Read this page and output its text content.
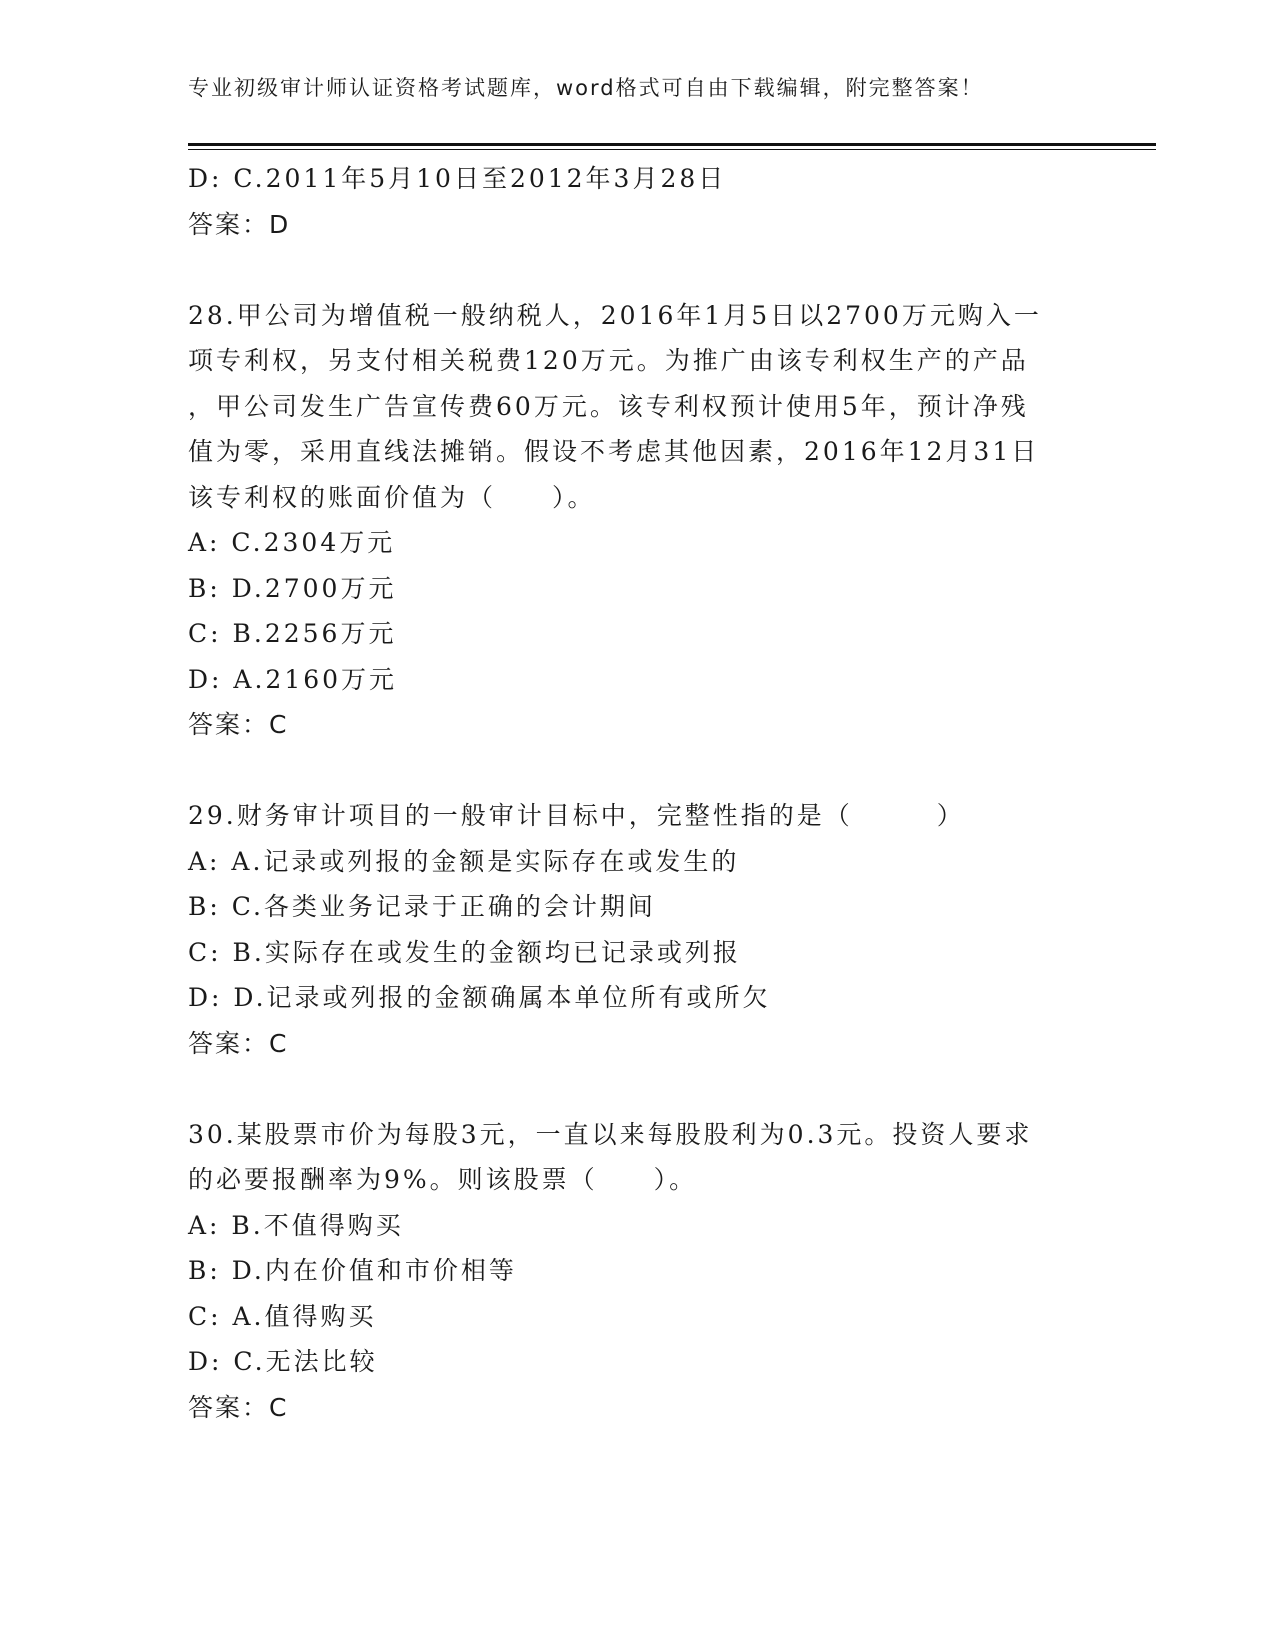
专业初级审计师认证资格考试题库，word格式可自由下载编辑，附完整答案！
D: C.2011年5月10日至2012年3月28日
答案：D
28.甲公司为增值税一般纳税人，2016年1月5日以2700万元购入一
项专利权，另支付相关税费120万元。为推广由该专利权生产的产品
，甲公司发生广告宣传费60万元。该专利权预计使用5年，预计净残
值为零，采用直线法摊销。假设不考虑其他因素，2016年12月31日
该专利权的账面价值为（　　）。
A: C.2304万元
B: D.2700万元
C: B.2256万元
D: A.2160万元
答案：C
29.财务审计项目的一般审计目标中，完整性指的是（　　　）
A: A.记录或列报的金额是实际存在或发生的
B: C.各类业务记录于正确的会计期间
C: B.实际存在或发生的金额均已记录或列报
D: D.记录或列报的金额确属本单位所有或所欠
答案：C
30.某股票市价为每股3元，一直以来每股股利为0.3元。投资人要求
的必要报酬率为9%。则该股票（　　）。
A: B.不值得购买
B: D.内在价值和市价相等
C: A.值得购买
D: C.无法比较
答案：C
